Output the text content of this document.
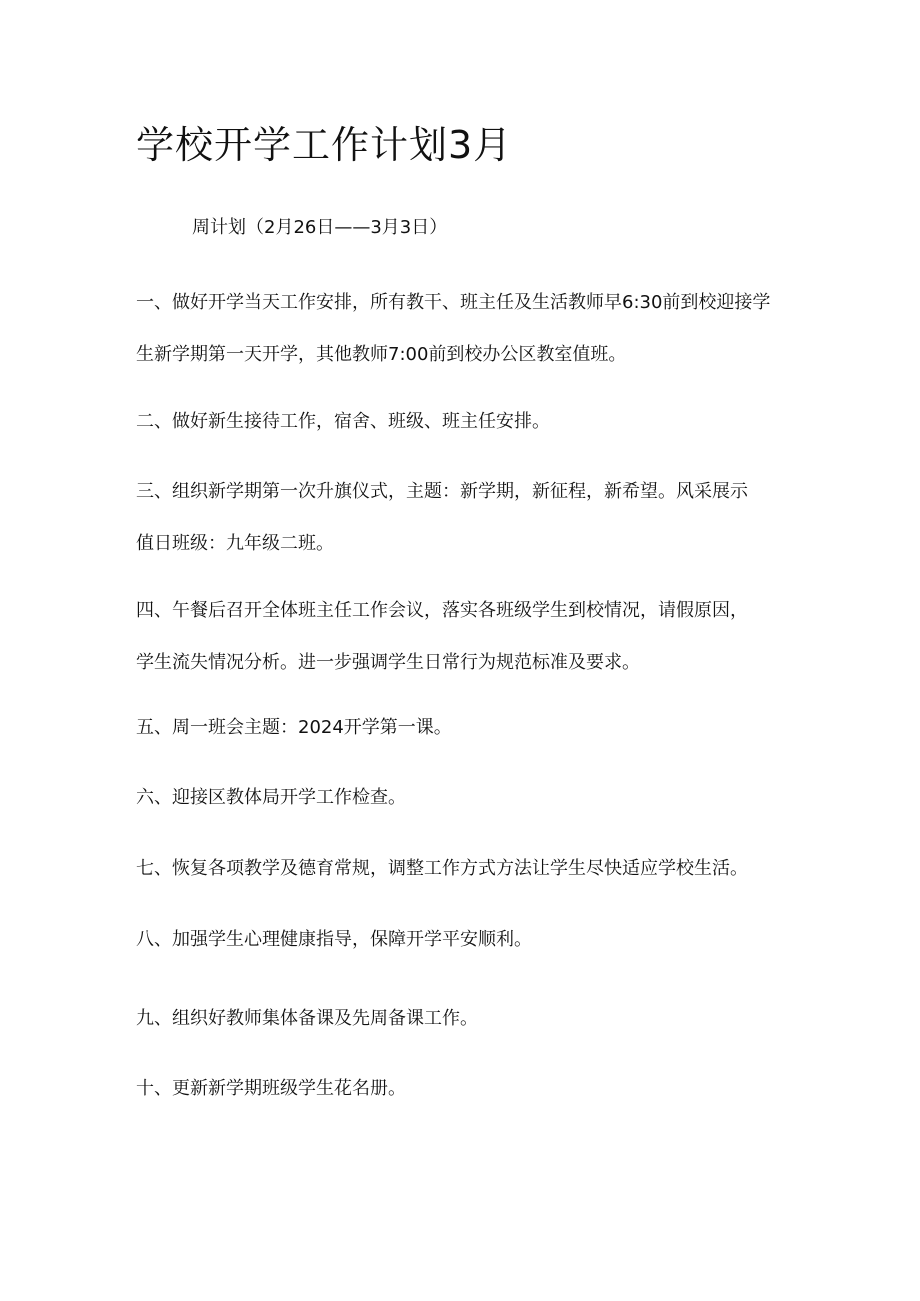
学校开学工作计划3月
周计划（2月26日——3月3日）
一、做好开学当天工作安排，所有教干、班主任及生活教师早6:30前到校迎接学
生新学期第一天开学，其他教师7:00前到校办公区教室值班。
二、做好新生接待工作，宿舍、班级、班主任安排。
三、组织新学期第一次升旗仪式，主题：新学期，新征程，新希望。风采展示
值日班级：九年级二班。
四、午餐后召开全体班主任工作会议，落实各班级学生到校情况，请假原因，
学生流失情况分析。进一步强调学生日常行为规范标准及要求。
五、周一班会主题：2024开学第一课。
六、迎接区教体局开学工作检查。
七、恢复各项教学及德育常规，调整工作方式方法让学生尽快适应学校生活。
八、加强学生心理健康指导，保障开学平安顺利。
九、组织好教师集体备课及先周备课工作。
十、更新新学期班级学生花名册。
